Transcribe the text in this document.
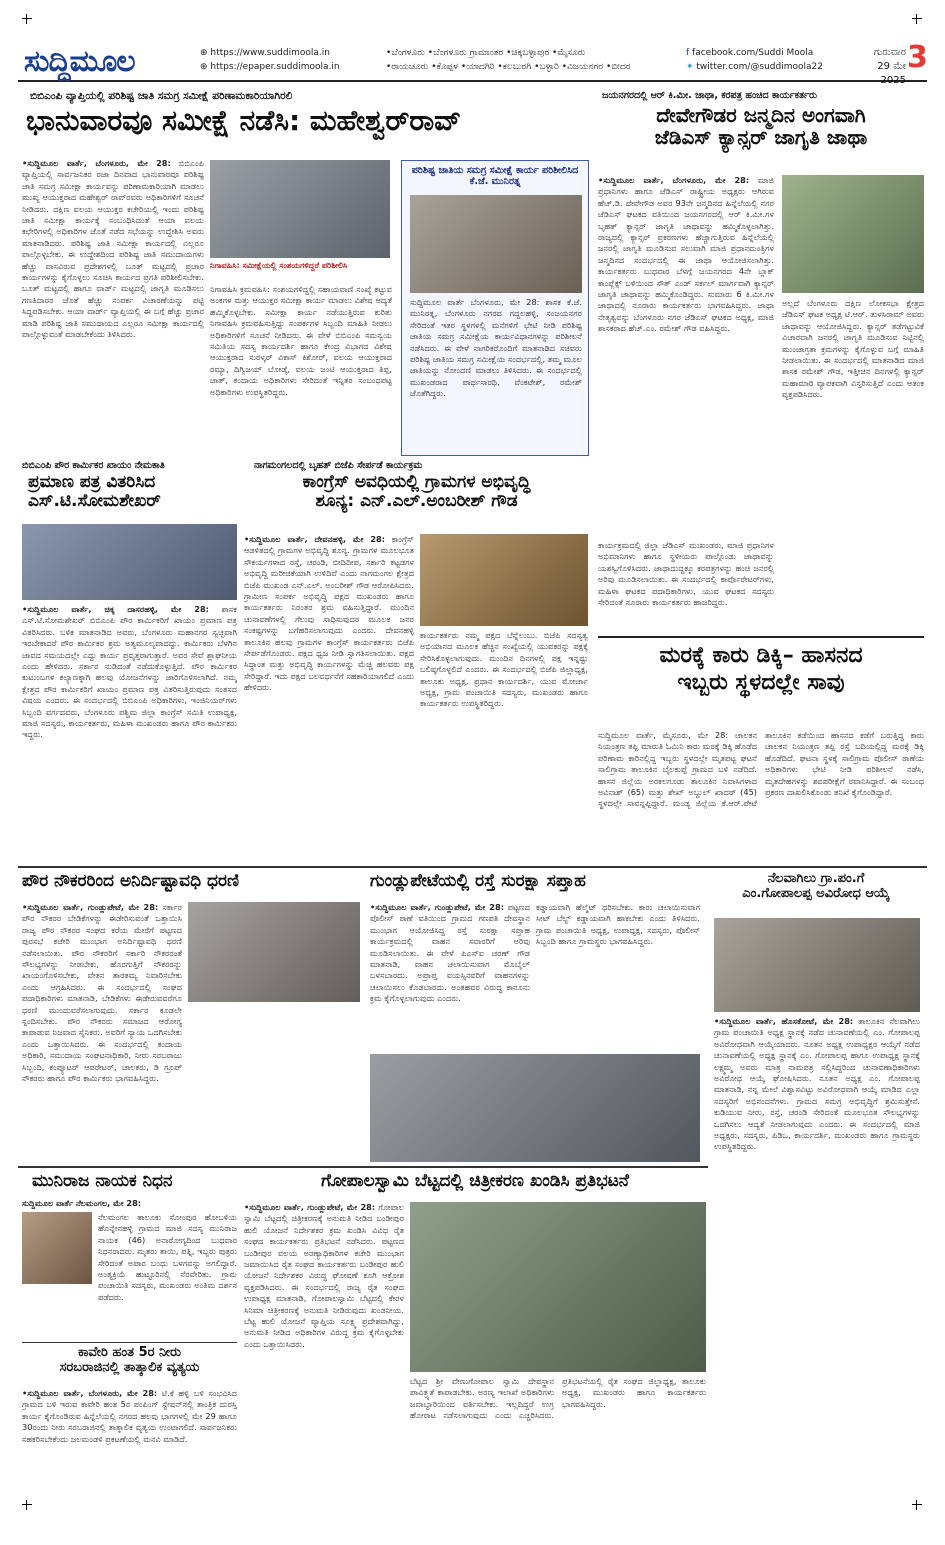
ಸುದ್ದಿಮೂಲ	⊕ https://www.suddimoola.in
⊕ https://epaper.suddimoola.in
•ಬೆಂಗಳೂರು •ಬೆಂಗಳೂರು ಗ್ರಾಮಾಂತರ •ಚಿಕ್ಕಬಳ್ಳಾಪುರ •ಮೈಸೂರು
•ರಾಯಚೂರು •ಕೊಪ್ಪಳ •ಯಾದಗಿರಿ •ಕಲಬುರಗಿ •ಬಳ್ಳಾರಿ •ವಿಜಯನಗರ •ಬೀದರ
f facebook.com/Suddi Moola
✦ twitter.com/@suddimoola22
ಗುರುವಾರ
29 ಮೇ 2025
3
ಬಿಬಿಎಂಪಿ ವ್ಯಾಪ್ತಿಯಲ್ಲಿ ಪರಿಶಿಷ್ಟ ಜಾತಿ ಸಮಗ್ರ ಸಮೀಕ್ಷೆ ಪರಿಣಾಮಕಾರಿಯಾಗಿರಲಿ
ಭಾನುವಾರವೂ ಸಮೀಕ್ಷೆ ನಡೆಸಿ: ಮಹೇಶ್ವರ್‌ರಾವ್
•ಸುದ್ದಿಮೂಲ ವಾರ್ತೆ, ಬೆಂಗಳೂರು, ಮೇ 28: ಬಿಬಿಎಂಪಿ ವ್ಯಾಪ್ತಿಯಲ್ಲಿ ಸಾರ್ವಜನಿಕರ ರಜಾ ದಿನವಾದ ಭಾನುವಾರವೂ ಪರಿಶಿಷ್ಟ ಜಾತಿ ಸಮಗ್ರ ಸಮೀಕ್ಷಾ ಕಾರ್ಯವನ್ನು ಪರಿಣಾಮಕಾರಿಯಾಗಿ ಮಾಡಲು ಮುಖ್ಯ ಆಯುಕ್ತರಾದ ಮಹೇಶ್ವರ್ ರಾವ್‌ರವರು ಅಧಿಕಾರಿಗಳಿಗೆ ಸೂಚನೆ ನೀಡಿದರು. ದಕ್ಷಿಣ ವಲಯ ಆಯುಕ್ತರ ಕಚೇರಿಯಲ್ಲಿ ಇಂದು ಪರಿಶಿಷ್ಟ ಜಾತಿ ಸಮೀಕ್ಷಾ ಕಾರ್ಯಕ್ಕೆ ಸಂಬಂಧಿಸಿದಂತೆ ಆಯಾ ವಲಯ ಕಛೇರಿಗಳಲ್ಲಿ ಅಧಿಕಾರಿಗಳ ಜೊತೆ ನಡೆದ ಸಭೆಯನ್ನು ಉದ್ದೇಶಿಸಿ ಅವರು ಮಾತನಾಡಿದರು. ಪರಿಶಿಷ್ಟ ಜಾತಿ ಸಮೀಕ್ಷಾ ಕಾರ್ಯದಲ್ಲಿ ಎಲ್ಲರೂ ಪಾಲ್ಗೊಳ್ಳಬೇಕು. ಈ ಉದ್ದೇಶದಿಂದ ಪರಿಶಿಷ್ಟ ಜಾತಿ ಸಮುದಾಯಗಳು ಹೆಚ್ಚು ವಾಸವಿರುವ ಪ್ರದೇಶಗಳಲ್ಲಿ ಬೂತ್ ಮಟ್ಟದಲ್ಲಿ ಪ್ರಚಾರ ಕಾರ್ಯಗಳನ್ನು ಕೈಗೊಳ್ಳಲು ಸೂಚಿಸಿ ಕಾರ್ಯದ ಪ್ರಗತಿ ಪರಿಶೀಲಿಸಬೇಕು. ಬೂತ್ ಮಟ್ಟದಲ್ಲಿ ಹಾಗೂ ವಾರ್ಡ್ ಮಟ್ಟದಲ್ಲಿ ಜಾಗೃತಿ ಮೂಡಿಸಲು ಗಣತಿದಾರರ ಜೊತೆ ಹೆಚ್ಚು ಸಂಪರ್ಕ ವಿಚಾರಣೆಯನ್ನು ಪಟ್ಟಿ ಸಿದ್ಧಪಡಿಸಬೇಕು. ಆಯಾ ವಾರ್ಡ್ ವ್ಯಾಪ್ತಿಯಲ್ಲಿ ಈ ಬಗ್ಗೆ ಹೆಚ್ಚು ಪ್ರಚಾರ ಮಾಡಿ ಪರಿಶಿಷ್ಟ ಜಾತಿ ಸಮುದಾಯದ ಎಲ್ಲರೂ ಸಮೀಕ್ಷಾ ಕಾರ್ಯದಲ್ಲಿ ಪಾಲ್ಗೊಳ್ಳುವಂತೆ ಮಾಡಬೇಕೆಂದು ತಿಳಿಸಿದರು.
ನಿಗಾವಹಿಸಿ: ಸಮೀಕ್ಷೆಯಲ್ಲಿ ಸಂಶಯಗಳಿದ್ದರೆ ಪರಿಶೀಲಿಸಿ
ನಿಗಾವಹಿಸಿ ಕ್ರಮವಹಿಸಿ: ಸಂಶಯಗಳಿದ್ದಲ್ಲಿ ಸಹಾಯವಾಣಿ ಸಂಖ್ಯೆ ಕಟ್ಟುವ ಅಂಕಗಳ ಮತ್ತು ಆಯುಕ್ತರ ಸಮೀಕ್ಷಾ ಕಾರ್ಯ ಮಾಡಲು ವಿಶೇಷ ಆದ್ಯತೆ ಹಮ್ಮಿಕೊಳ್ಳಬೇಕು. ಸಮೀಕ್ಷಾ ಕಾರ್ಯ ನಡೆಯುತ್ತಿರುವ ಕುರಿತು ನಿಗಾವಹಿಸಿ ಕ್ರಮವಹಿಸುತ್ತಿದ್ದು ಸಂಪರ್ಕಗಳ ಸಿಬ್ಬಂದಿ ಮಾಹಿತಿ ನೀಡಲು ಅಧಿಕಾರಿಗಳಿಗೆ ಸೂಚನೆ ನೀಡಿದರು. ಈ ವೇಳೆ ಬಿಬಿಎಂಪಿ ಸಮನ್ವಯ ಸಮಿತಿಯ ಸದಸ್ಯ ಕಾರ್ಯದರ್ಶಿ ಹಾಗೂ ಕೇಂದ್ರ ವಿಭಾಗದ ವಿಶೇಷ ಆಯುಕ್ತರಾದ ಸುರಳ್ಕರ್ ವಿಕಾಸ್ ಕಿಶೋರ್, ವಲಯ ಆಯುಕ್ತರಾದ ರಮ್ಯಾ, ದಿಗ್ವಿಜಯ್ ಬೋಡ್ಕೆ, ವಲಯ ಜಂಟಿ ಆಯುಕ್ತರಾದ ತಿಪ್ಪ, ಜಾತ್, ಕಂದಾಯ ಅಧಿಕಾರಿಗಳು ಸೇರಿದಂತೆ ಇನ್ನಿತರ ಸಂಬಂಧಪಟ್ಟ ಅಧಿಕಾರಿಗಳು ಉಪಸ್ಥಿತರಿದ್ದರು.
ಪರಿಶಿಷ್ಟ ಜಾತಿಯ ಸಮಗ್ರ ಸಮೀಕ್ಷೆ ಕಾರ್ಯ ಪರಿಶೀಲಿಸಿದ ಕೆ.ಜೆ. ಮುನಿರತ್ನ
ಸುದ್ದಿಮೂಲ ವಾರ್ತೆ ಬೆಂಗಳೂರು, ಮೇ 28: ಶಾಸಕ ಕೆ.ಜೆ. ಮುನಿರತ್ನ, ಬೆಂಗಳೂರು ನಗರದ ಗದ್ದಲಹಳ್ಳಿ, ಸಂಜಯನಗರ ಸೇರಿದಂತೆ ಇತರ ಸ್ಥಳಗಳಲ್ಲಿ ಮನೆಗಳಿಗೆ ಭೇಟಿ ನೀಡಿ ಪರಿಶಿಷ್ಟ ಜಾತಿಯ ಸಮಗ್ರ ಸಮೀಕ್ಷೆಯ ಕಾರ್ಯವಿಧಾನಗಳನ್ನು ಪರಿಶೀಲನೆ ನಡೆಸಿದರು. ಈ ವೇಳೆ ನಾಗರಿಕರೊಂದಿಗೆ ಮಾತನಾಡಿದ ಸಚಿವರು ಪರಿಶಿಷ್ಟ ಜಾತಿಯ ಸಮಗ್ರ ಸಮೀಕ್ಷೆಯ ಸಂದರ್ಭದಲ್ಲಿ, ತಮ್ಮ ಮೂಲ ಜಾತಿಯನ್ನು ನೋಂದಣಿ ಮಾಡಲು ತಿಳಿಸಿದರು. ಈ ಸಂದರ್ಭದಲ್ಲಿ ಮುಖಂಡರಾದ ಪಾರ್ಥಸಾರಥಿ, ವೆಂಕಟೇಶ್, ರಮೇಶ್ ಜೊತೆಗಿದ್ದರು.
ಜಯನಗರದಲ್ಲಿ ಆರ್ ಕಿ.ಮೀ. ಜಾಥಾ, ಕರಪತ್ರ ಹಂಚಿದ ಕಾರ್ಯಕರ್ತರು
ದೇವೇಗೌಡರ ಜನ್ಮದಿನ ಅಂಗವಾಗಿ
ಜೆಡಿಎಸ್ ಕ್ಯಾನ್ಸರ್ ಜಾಗೃತಿ ಜಾಥಾ
•ಸುದ್ದಿಮೂಲ ವಾರ್ತೆ, ಬೆಂಗಳೂರು, ಮೇ 28: ಮಾಜಿ ಪ್ರಧಾನಿಗಳು ಹಾಗೂ ಜೆಡಿಎಸ್ ರಾಷ್ಟ್ರೀಯ ಅಧ್ಯಕ್ಷರು ಆಗಿರುವ ಹೆಚ್.ಡಿ. ದೇವೇಗೌಡ ಅವರ 93ನೇ ಜನ್ಮದಿನದ ಹಿನ್ನೆಲೆಯಲ್ಲಿ ನಗರ ಜೆಡಿಎಸ್ ಘಟಕದ ವತಿಯಿಂದ ಜಯನಗರದಲ್ಲಿ ಆರ್ ಕಿ.ಮೀ.ಗಳ ಬೃಹತ್ ಕ್ಯಾನ್ಸರ್ ಜಾಗೃತಿ ಜಾಥಾವನ್ನು ಹಮ್ಮಿಕೊಳ್ಳಲಾಗಿತ್ತು. ರಾಜ್ಯದಲ್ಲಿ ಕ್ಯಾನ್ಸರ್ ಪ್ರಕರಣಗಳು ಹೆಚ್ಚಾಗುತ್ತಿರುವ ಹಿನ್ನೆಲೆಯಲ್ಲಿ ಜನರಲ್ಲಿ ಜಾಗೃತಿ ಮೂಡಿಸುವ ಸಲುವಾಗಿ ಮಾಜಿ ಪ್ರಧಾನಮಂತ್ರಿಗಳ ಜನ್ಮದಿನದ ಸಂದರ್ಭದಲ್ಲಿ ಈ ಜಾಥಾ ಆಯೋಜಿಸಲಾಗಿತ್ತು. ಕಾರ್ಯಕರ್ತರು ಬುಧವಾರ ಬೆಳಗ್ಗೆ ಜಯನಗರದ 4ನೇ ಬ್ಲಾಕ್ ಕಾಂಪ್ಲೆಕ್ಸ್ ಬಳಿಯಿಂದ ಸೌತ್ ಎಂಡ್ ಸರ್ಕಲ್ ಮಾರ್ಗವಾಗಿ ಕ್ಯಾನ್ಸರ್ ಜಾಗೃತಿ ಜಾಥಾವನ್ನು ಹಮ್ಮಿಕೊಂಡಿದ್ದರು. ಸುಮಾರು 6 ಕಿ.ಮೀ.ಗಳ ಜಾಥಾದಲ್ಲಿ ನೂರಾರು ಕಾರ್ಯಕರ್ತರು ಭಾಗವಹಿಸಿದ್ದರು. ಜಾಥಾ ನೇತೃತ್ವವನ್ನು ಬೆಂಗಳೂರು ನಗರ ಜೆಡಿಎಸ್ ಘಟಕದ ಅಧ್ಯಕ್ಷ, ಮಾಜಿ ಶಾಸಕರಾದ ಹೆಚ್.ಎಂ. ರಮೇಶ್ ಗೌಡ ವಹಿಸಿದ್ದರು.
ಅಲ್ಲದೆ ಬೆಂಗಳೂರು ದಕ್ಷಿಣ ಲೋಕಸಭಾ ಕ್ಷೇತ್ರದ ಜೆಡಿಎಸ್ ಘಟಕ ಅಧ್ಯಕ್ಷ ಟಿ.ಆರ್. ತುಳಸಿರಾಮ್ ಅವರು ಜಾಥಾವನ್ನು ಆಯೋಜಿಸಿದ್ದರು. ಕ್ಯಾನ್ಸರ್ ತಡೆಗಟ್ಟುವಿಕೆ ವಿಚಾರವಾಗಿ ಜನರಲ್ಲಿ ಜಾಗೃತಿ ಮೂಡಿಸುವ ನಿಟ್ಟಿನಲ್ಲಿ ಮುಂಜಾಗ್ರತಾ ಕ್ರಮಗಳನ್ನು ಕೈಗೊಳ್ಳುವ ಬಗ್ಗೆ ಮಾಹಿತಿ ನೀಡಲಾಯಿತು. ಈ ಸಂದರ್ಭದಲ್ಲಿ ಮಾತನಾಡಿದ ಮಾಜಿ ಶಾಸಕ ರಮೇಶ್ ಗೌಡ, ಇತ್ತೀಚಿನ ದಿನಗಳಲ್ಲಿ ಕ್ಯಾನ್ಸರ್ ಮಹಾಮಾರಿ ವ್ಯಾಪಕವಾಗಿ ವಿಸ್ತರಿಸುತ್ತಿದೆ ಎಂದು ಆತಂಕ ವ್ಯಕ್ತಪಡಿಸಿದರು.
ಕಾರ್ಯಕ್ರಮದಲ್ಲಿ ಜಿಲ್ಲಾ ಜೆಡಿಎಸ್ ಮುಖಂಡರು, ಮಾಜಿ ಪ್ರಧಾನಿಗಳ ಅಭಿಮಾನಿಗಳು ಹಾಗೂ ಸ್ಥಳೀಯರು ಪಾಲ್ಗೊಂಡು ಜಾಥಾವನ್ನು ಯಶಸ್ವಿಗೊಳಿಸಿದರು. ಜಾಥಾದುದ್ದಕ್ಕೂ ಕರಪತ್ರಗಳನ್ನು ಹಂಚಿ ಜನರಲ್ಲಿ ಅರಿವು ಮೂಡಿಸಲಾಯಿತು. ಈ ಸಂದರ್ಭದಲ್ಲಿ ಕಾರ್ಪೊರೇಟರ್‌ಗಳು, ಮಹಿಳಾ ಘಟಕದ ಪದಾಧಿಕಾರಿಗಳು, ಯುವ ಘಟಕದ ಸದಸ್ಯರು ಸೇರಿದಂತೆ ನೂರಾರು ಕಾರ್ಯಕರ್ತರು ಹಾಜರಿದ್ದರು.
ಬಿಬಿಎಂಪಿ ಪೌರ ಕಾರ್ಮಿಕರ ಖಾಯಂ ನೇಮಕಾತಿ
ಪ್ರಮಾಣ ಪತ್ರ ವಿತರಿಸಿದ
ಎಸ್.ಟಿ.ಸೋಮಶೇಖರ್
•ಸುದ್ದಿಮೂಲ ವಾರ್ತೆ, ಚಿಕ್ಕ ದಾಸರಹಳ್ಳಿ, ಮೇ 28: ಶಾಸಕ ಎಸ್.ಟಿ.ಸೋಮಶೇಖರ್ ಬಿಬಿಎಂಪಿ ಪೌರ ಕಾರ್ಮಿಕರಿಗೆ ಖಾಯಂ ಪ್ರಮಾಣ ಪತ್ರ ವಿತರಿಸಿದರು. ಬಳಿಕ ಮಾತನಾಡಿದ ಅವರು, ಬೆಂಗಳೂರು ಮಹಾನಗರ ಸ್ವಚ್ಛವಾಗಿ ಇರಬೇಕಾದರೆ ಪೌರ ಕಾರ್ಮಿಕರ ಶ್ರಮ ಅತ್ಯಮೂಲ್ಯವಾದದ್ದು. ಕಾರ್ಮಿಕರು ಬೆಳಗಿನ ಜಾವದ ಸಮಯದಲ್ಲೇ ಎದ್ದು ಕಾರ್ಯ ಪ್ರವೃತ್ತರಾಗುತ್ತಾರೆ. ಅವರ ಸೇವೆ ಶ್ಲಾಘನೀಯ ಎಂದು ಹೇಳಿದರು. ಸರ್ಕಾರ ನುಡಿದಂತೆ ನಡೆದುಕೊಳ್ಳುತ್ತಿದೆ. ಪೌರ ಕಾರ್ಮಿಕರ ಕುಟುಂಬಗಳ ಕಲ್ಯಾಣಕ್ಕಾಗಿ ಹಲವು ಯೋಜನೆಗಳನ್ನು ಜಾರಿಗೊಳಿಸಲಾಗಿದೆ. ನಮ್ಮ ಕ್ಷೇತ್ರದ ಪೌರ ಕಾರ್ಮಿಕರಿಗೆ ಖಾಯಂ ಪ್ರಮಾಣ ಪತ್ರ ವಿತರಿಸುತ್ತಿರುವುದು ಸಂತಸದ ವಿಷಯ ಎಂದರು. ಈ ಸಂದರ್ಭದಲ್ಲಿ ಬಿಬಿಎಂಪಿ ಅಧಿಕಾರಿಗಳು, ಇಂಜಿನಿಯರ್‌ಗಳು ಸಿಬ್ಬಂದಿ ವರ್ಗದವರು, ಬೆಂಗಳೂರು ಪಶ್ಚಿಮ ಜಿಲ್ಲಾ ಕಾಂಗ್ರೆಸ್ ಸಮಿತಿ ಉಪಾಧ್ಯಕ್ಷ, ಮಾಜಿ ಸದಸ್ಯರು, ಕಾರ್ಯಕರ್ತರು, ಮಹಿಳಾ ಮುಖಂಡರು ಹಾಗೂ ಪೌರ ಕಾರ್ಮಿಕರು ಇದ್ದರು.
ನಾಗಮಂಗಲದಲ್ಲಿ ಬೃಹತ್ ಬಿಜೆಪಿ ಸೇರ್ಪಡೆ ಕಾರ್ಯಕ್ರಮ
ಕಾಂಗ್ರೆಸ್ ಅವಧಿಯಲ್ಲಿ ಗ್ರಾಮಗಳ ಅಭಿವೃದ್ಧಿ
ಶೂನ್ಯ: ಎನ್.ಎಲ್.ಅಂಬರೀಶ್ ಗೌಡ
•ಸುದ್ದಿಮೂಲ ವಾರ್ತೆ, ದೇವನಹಳ್ಳಿ, ಮೇ 28: ಕಾಂಗ್ರೆಸ್ ಆಡಳಿತದಲ್ಲಿ ಗ್ರಾಮಗಳ ಅಭಿವೃದ್ಧಿ ಶೂನ್ಯ. ಗ್ರಾಮಗಳ ಮೂಲಭೂತ ಸೌಕರ್ಯಗಳಾದ ರಸ್ತೆ, ಚರಂಡಿ, ಬೀದಿದೀಪ, ಸರ್ಕಾರಿ ಕಟ್ಟಡಗಳ ಅಭಿವೃದ್ಧಿ ಮರೀಚಿಕೆಯಾಗಿ ಉಳಿದಿವೆ ಎಂದು ನಾಗಮಂಗಲ ಕ್ಷೇತ್ರದ ಬಿಜೆಪಿ ಮುಖಂಡ ಎನ್.ಎಲ್. ಅಂಬರೀಶ್ ಗೌಡ ಆರೋಪಿಸಿದರು. ಗ್ರಾಮೀಣ ಸಂಪರ್ಕ ಅಭಿವೃದ್ಧಿ ಪಕ್ಷದ ಮುಖಂಡರು ಹಾಗೂ ಕಾರ್ಯಕರ್ತರು ನಿರಂತರ ಶ್ರಮ ವಹಿಸುತ್ತಿದ್ದಾರೆ. ಮುಂದಿನ ಚುನಾವಣೆಗಳಲ್ಲಿ ಗೆಲುವು ಸಾಧಿಸುವುದರ ಮೂಲಕ ಜನರ ಸಂಕಷ್ಟಗಳನ್ನು ಬಗೆಹರಿಸಲಾಗುವುದು ಎಂದರು. ದೇವನಹಳ್ಳಿ ತಾಲೂಕಿನ ಹಲವು ಗ್ರಾಮಗಳ ಕಾಂಗ್ರೆಸ್ ಕಾರ್ಯಕರ್ತರು ಬಿಜೆಪಿ ಸೇರ್ಪಡೆಗೊಂಡರು. ಪಕ್ಷದ ಧ್ವಜ ನೀಡಿ ಸ್ವಾಗತಿಸಲಾಯಿತು. ಪಕ್ಷದ ಸಿದ್ಧಾಂತ ಮತ್ತು ಅಭಿವೃದ್ಧಿ ಕಾರ್ಯಗಳನ್ನು ಮೆಚ್ಚಿ ಹಲವರು ಪಕ್ಷ ಸೇರಿದ್ದಾರೆ. ಇದು ಪಕ್ಷದ ಬಲವರ್ಧನೆಗೆ ಸಹಕಾರಿಯಾಗಲಿದೆ ಎಂದು ಹೇಳಿದರು.
ಕಾರ್ಯಕರ್ತರು ನಮ್ಮ ಪಕ್ಷದ ಬೆನ್ನೆಲುಬು. ಬಿಜೆಪಿ ಸದಸ್ಯತ್ವ ಅಭಿಯಾನದ ಮೂಲಕ ಹೆಚ್ಚಿನ ಸಂಖ್ಯೆಯಲ್ಲಿ ಯುವಕರನ್ನು ಪಕ್ಷಕ್ಕೆ ಸೇರಿಸಿಕೊಳ್ಳಲಾಗುವುದು. ಮುಂದಿನ ದಿನಗಳಲ್ಲಿ ಪಕ್ಷ ಇನ್ನಷ್ಟು ಬಲಿಷ್ಠಗೊಳ್ಳಲಿದೆ ಎಂದರು. ಈ ಸಂದರ್ಭದಲ್ಲಿ ಬಿಜೆಪಿ ಜಿಲ್ಲಾಧ್ಯಕ್ಷ, ತಾಲೂಕು ಅಧ್ಯಕ್ಷ, ಪ್ರಧಾನ ಕಾರ್ಯದರ್ಶಿ, ಯುವ ಮೋರ್ಚಾ ಅಧ್ಯಕ್ಷ, ಗ್ರಾಮ ಪಂಚಾಯಿತಿ ಸದಸ್ಯರು, ಮುಖಂಡರು ಹಾಗೂ ಕಾರ್ಯಕರ್ತರು ಉಪಸ್ಥಿತರಿದ್ದರು.
ಮರಕ್ಕೆ ಕಾರು ಡಿಕ್ಕಿ– ಹಾಸನದ
ಇಬ್ಬರು ಸ್ಥಳದಲ್ಲೇ ಸಾವು
ಸುದ್ದಿಮೂಲ ವಾರ್ತೆ, ಮೈಸೂರು, ಮೇ 28: ಚಾಲಕನ ನಿಯಂತ್ರಣ ತಪ್ಪಿ ಮಾರುತಿ ಓಮಿನಿ ಕಾರು ಮರಕ್ಕೆ ಡಿಕ್ಕಿ ಹೊಡೆದ ಪರಿಣಾಮ ಕಾರಿನಲ್ಲಿದ್ದ ಇಬ್ಬರು ಸ್ಥಳದಲ್ಲೇ ಮೃತಪಟ್ಟ ಘಟನೆ ಸಾಲಿಗ್ರಾಮ ತಾಲೂಕಿನ ಬೈಲಕುಪ್ಪೆ ಗ್ರಾಮದ ಬಳಿ ನಡೆದಿದೆ. ಹಾಸನ ಜಿಲ್ಲೆಯ ಅರಕಲಗೂಡು ತಾಲೂಕಿನ ನಿವಾಸಿಗಳಾದ ಅವಿನಾಶ್ (65) ಮತ್ತು ಶೇಖ್ ಅಬ್ದುಲ್ ಖಾದರ್ (45) ಸ್ಥಳದಲ್ಲೇ ಸಾವನ್ನಪ್ಪಿದ್ದಾರೆ. ಮಂಡ್ಯ ಜಿಲ್ಲೆಯ ಕೆ.ಆರ್.ಪೇಟೆ ತಾಲೂಕಿನ ಕಡೆಯಿಂದ ಹಾಸನದ ಕಡೆಗೆ ಬರುತ್ತಿದ್ದ ಕಾರು ಚಾಲಕನ ನಿಯಂತ್ರಣ ತಪ್ಪಿ ರಸ್ತೆ ಬದಿಯಲ್ಲಿದ್ದ ಮರಕ್ಕೆ ಡಿಕ್ಕಿ ಹೊಡೆದಿದೆ. ಘಟನಾ ಸ್ಥಳಕ್ಕೆ ಸಾಲಿಗ್ರಾಮ ಪೊಲೀಸ್ ಠಾಣೆಯ ಅಧಿಕಾರಿಗಳು ಭೇಟಿ ನೀಡಿ ಪರಿಶೀಲನೆ ನಡೆಸಿ, ಮೃತದೇಹಗಳನ್ನು ಶವಪರೀಕ್ಷೆಗೆ ರವಾನಿಸಿದ್ದಾರೆ. ಈ ಸಂಬಂಧ ಪ್ರಕರಣ ದಾಖಲಿಸಿಕೊಂಡು ತನಿಖೆ ಕೈಗೊಂಡಿದ್ದಾರೆ.
ಪೌರ ನೌಕರರಿಂದ ಅನಿರ್ದಿಷ್ಟಾವಧಿ ಧರಣಿ
•ಸುದ್ದಿಮೂಲ ವಾರ್ತೆ, ಗುಂಡ್ಲುಪೇಟೆ, ಮೇ 28: ಸರ್ಕಾರ ಪೌರ ನೌಕರರ ಬೇಡಿಕೆಗಳನ್ನು ಈಡೇರಿಸುವಂತೆ ಒತ್ತಾಯಿಸಿ ರಾಜ್ಯ ಪೌರ ನೌಕರರ ಸಂಘದ ಕರೆಯ ಮೇರೆಗೆ ಪಟ್ಟಣದ ಪುರಸಭೆ ಕಚೇರಿ ಮುಂಭಾಗ ಅನಿರ್ದಿಷ್ಟಾವಧಿ ಧರಣಿ ನಡೆಸಲಾಯಿತು. ಪೌರ ನೌಕರರಿಗೆ ಸರ್ಕಾರಿ ನೌಕರರಂತೆ ಸೌಲಭ್ಯಗಳನ್ನು ನೀಡಬೇಕು, ಹೊರಗುತ್ತಿಗೆ ನೌಕರರನ್ನು ಖಾಯಂಗೊಳಿಸಬೇಕು, ವೇತನ ತಾರತಮ್ಯ ನಿವಾರಿಸಬೇಕು ಎಂದು ಆಗ್ರಹಿಸಿದರು. ಈ ಸಂದರ್ಭದಲ್ಲಿ ಸಂಘದ ಪದಾಧಿಕಾರಿಗಳು ಮಾತನಾಡಿ, ಬೇಡಿಕೆಗಳು ಈಡೇರುವವರೆಗೂ ಧರಣಿ ಮುಂದುವರೆಸಲಾಗುವುದು. ಸರ್ಕಾರ ಕೂಡಲೇ ಸ್ಪಂದಿಸಬೇಕು. ಪೌರ ನೌಕರರು ಸಮಾಜದ ಆರೋಗ್ಯ ಕಾಪಾಡುವ ನಿಜವಾದ ಸೈನಿಕರು. ಅವರಿಗೆ ನ್ಯಾಯ ಒದಗಿಸಬೇಕು ಎಂದು ಒತ್ತಾಯಿಸಿದರು. ಈ ಸಂದರ್ಭದಲ್ಲಿ ಕಂದಾಯ ಅಧಿಕಾರಿ, ಸಮುದಾಯ ಸಂಘಟನಾಧಿಕಾರಿ, ನೀರು ಸರಬರಾಜು ಸಿಬ್ಬಂದಿ, ಕಂಪ್ಯೂಟರ್ ಆಪರೇಟರ್, ಚಾಲಕರು, ಡಿ ಗ್ರೂಪ್ ನೌಕರರು ಹಾಗೂ ಪೌರ ಕಾರ್ಮಿಕರು ಭಾಗವಹಿಸಿದ್ದರು.
ಗುಂಡ್ಲುಪೇಟೆಯಲ್ಲಿ ರಸ್ತೆ ಸುರಕ್ಷಾ ಸಪ್ತಾಹ
•ಸುದ್ದಿಮೂಲ ವಾರ್ತೆ, ಗುಂಡ್ಲುಪೇಟೆ, ಮೇ 28: ಪಟ್ಟಣದ ಪೊಲೀಸ್ ಠಾಣೆ ವತಿಯಿಂದ ಗ್ರಾಮದ ಗಣಪತಿ ದೇವಸ್ಥಾನ ಮುಂಭಾಗ ಆಯೋಜಿಸಿದ್ದ ರಸ್ತೆ ಸುರಕ್ಷಾ ಸಪ್ತಾಹ ಕಾರ್ಯಕ್ರಮದಲ್ಲಿ ವಾಹನ ಸವಾರರಿಗೆ ಅರಿವು ಮೂಡಿಸಲಾಯಿತು. ಈ ವೇಳೆ ಪಿಎಸ್‌ಐ ಚರಣ್ ಗೌಡ ಮಾತನಾಡಿ, ವಾಹನ ಚಲಾಯಿಸುವಾಗ ಮೊಬೈಲ್ ಬಳಸಬಾರದು. ಅಪ್ರಾಪ್ತ ವಯಸ್ಸಿನವರಿಗೆ ವಾಹನಗಳನ್ನು ಚಲಾಯಿಸಲು ಕೊಡಬಾರದು. ಅಂತಹವರ ವಿರುದ್ಧ ಕಾನೂನು ಕ್ರಮ ಕೈಗೊಳ್ಳಲಾಗುವುದು ಎಂದರು.
ಕಡ್ಡಾಯವಾಗಿ ಹೆಲ್ಮೆಟ್ ಧರಿಸಬೇಕು. ಕಾರು ಚಲಾಯಿಸುವಾಗ ಸೀಟ್ ಬೆಲ್ಟ್ ಕಡ್ಡಾಯವಾಗಿ ಹಾಕಬೇಕು ಎಂದು ತಿಳಿಸಿದರು. ಗ್ರಾಮ ಪಂಚಾಯಿತಿ ಅಧ್ಯಕ್ಷ, ಉಪಾಧ್ಯಕ್ಷ, ಸದಸ್ಯರು, ಪೊಲೀಸ್ ಸಿಬ್ಬಂದಿ ಹಾಗೂ ಗ್ರಾಮಸ್ಥರು ಭಾಗವಹಿಸಿದ್ದರು.
ನೆಲವಾಗಿಲು ಗ್ರಾ.ಪಂ.ಗೆ
ಎಂ.ಗೋಪಾಲಪ್ಪ ಅವಿರೋಧ ಆಯ್ಕೆ
•ಸುದ್ದಿಮೂಲ ವಾರ್ತೆ, ಹೊಸಕೋಟೆ, ಮೇ 28: ತಾಲೂಕಿನ ನೆಲವಾಗಿಲು ಗ್ರಾಮ ಪಂಚಾಯಿತಿ ಅಧ್ಯಕ್ಷ ಸ್ಥಾನಕ್ಕೆ ನಡೆದ ಚುನಾವಣೆಯಲ್ಲಿ ಎಂ. ಗೋಪಾಲಪ್ಪ ಅವಿರೋಧವಾಗಿ ಆಯ್ಕೆಯಾದರು. ನೂತನ ಅಧ್ಯಕ್ಷ ಉಪಾಧ್ಯಕ್ಷರ ಆಯ್ಕೆಗೆ ನಡೆದ ಚುನಾವಣೆಯಲ್ಲಿ ಅಧ್ಯಕ್ಷ ಸ್ಥಾನಕ್ಕೆ ಎಂ. ಗೋಪಾಲಪ್ಪ ಹಾಗೂ ಉಪಾಧ್ಯಕ್ಷ ಸ್ಥಾನಕ್ಕೆ ಲಕ್ಷ್ಮಮ್ಮ ಅವರು ಮಾತ್ರ ನಾಮಪತ್ರ ಸಲ್ಲಿಸಿದ್ದರಿಂದ ಚುನಾವಣಾಧಿಕಾರಿಗಳು ಅವಿರೋಧ ಆಯ್ಕೆ ಘೋಷಿಸಿದರು. ನೂತನ ಅಧ್ಯಕ್ಷ ಎಂ. ಗೋಪಾಲಪ್ಪ ಮಾತನಾಡಿ, ನನ್ನ ಮೇಲೆ ವಿಶ್ವಾಸವಿಟ್ಟು ಅವಿರೋಧವಾಗಿ ಆಯ್ಕೆ ಮಾಡಿದ ಎಲ್ಲಾ ಸದಸ್ಯರಿಗೆ ಅಭಿನಂದನೆಗಳು. ಗ್ರಾಮದ ಸಮಗ್ರ ಅಭಿವೃದ್ಧಿಗೆ ಶ್ರಮಿಸುತ್ತೇನೆ. ಕುಡಿಯುವ ನೀರು, ರಸ್ತೆ, ಚರಂಡಿ ಸೇರಿದಂತೆ ಮೂಲಭೂತ ಸೌಲಭ್ಯಗಳನ್ನು ಒದಗಿಸಲು ಆದ್ಯತೆ ನೀಡಲಾಗುವುದು ಎಂದರು. ಈ ಸಂದರ್ಭದಲ್ಲಿ ಮಾಜಿ ಅಧ್ಯಕ್ಷರು, ಸದಸ್ಯರು, ಪಿಡಿಒ, ಕಾರ್ಯದರ್ಶಿ, ಮುಖಂಡರು ಹಾಗೂ ಗ್ರಾಮಸ್ಥರು ಉಪಸ್ಥಿತರಿದ್ದರು.
ಮುನಿರಾಜ ನಾಯಕ ನಿಧನ
ಸುದ್ದಿಮೂಲ ವಾರ್ತೆ ನೆಲಮಂಗಲ, ಮೇ 28:
ನೆಲಮಂಗಲ ತಾಲೂಕು ಸೋಂಪುರ ಹೋಬಳಿಯ ಹೊನ್ನೇನಹಳ್ಳಿ ಗ್ರಾಮದ ಮಾಜಿ ಸದಸ್ಯ ಮುನಿರಾಜ ನಾಯಕ (46) ಅನಾರೋಗ್ಯದಿಂದ ಬುಧವಾರ ನಿಧನರಾದರು. ಮೃತರು ತಾಯಿ, ಪತ್ನಿ, ಇಬ್ಬರು ಪುತ್ರರು ಸೇರಿದಂತೆ ಅಪಾರ ಬಂಧು ಬಳಗವನ್ನು ಅಗಲಿದ್ದಾರೆ. ಅಂತ್ಯಕ್ರಿಯೆ ಹುಟ್ಟೂರಿನಲ್ಲಿ ನೆರವೇರಿತು. ಗ್ರಾಮ ಪಂಚಾಯಿತಿ ಸದಸ್ಯರು, ಮುಖಂಡರು ಅಂತಿಮ ದರ್ಶನ ಪಡೆದರು.
ಕಾವೇರಿ ಹಂತ 5ರ ನೀರು
ಸರಬರಾಜಿನಲ್ಲಿ ತಾತ್ಕಾಲಿಕ ವ್ಯತ್ಯಯ
•ಸುದ್ದಿಮೂಲ ವಾರ್ತೆ, ಬೆಂಗಳೂರು, ಮೇ 28: ಟಿ.ಕೆ ಹಳ್ಳಿ ಬಳಿ ಸಂಭವಿಸಿದ ಗ್ರಾಮದ ಬಳಿ ಇರುವ ಕಾವೇರಿ ಹಂತ 5ರ ಪಂಪಿಂಗ್ ಸ್ಟೇಷನ್‌ನಲ್ಲಿ ತಾಂತ್ರಿಕ ದುರಸ್ತಿ ಕಾರ್ಯ ಕೈಗೊಂಡಿರುವ ಹಿನ್ನೆಲೆಯಲ್ಲಿ ನಗರದ ಹಲವು ಭಾಗಗಳಲ್ಲಿ ಮೇ 29 ಹಾಗೂ 30ರಂದು ನೀರು ಸರಬರಾಜಿನಲ್ಲಿ ತಾತ್ಕಾಲಿಕ ವ್ಯತ್ಯಯ ಉಂಟಾಗಲಿದೆ. ಸಾರ್ವಜನಿಕರು ಸಹಕರಿಸಬೇಕೆಂದು ಜಲಮಂಡಳಿ ಪ್ರಕಟಣೆಯಲ್ಲಿ ಮನವಿ ಮಾಡಿದೆ.
ಗೋಪಾಲಸ್ವಾಮಿ ಬೆಟ್ಟದಲ್ಲಿ ಚಿತ್ರೀಕರಣ ಖಂಡಿಸಿ ಪ್ರತಿಭಟನೆ
•ಸುದ್ದಿಮೂಲ ವಾರ್ತೆ, ಗುಂಡ್ಲುಪೇಟೆ, ಮೇ 28: ಗೋಪಾಲ ಸ್ವಾಮಿ ಬೆಟ್ಟದಲ್ಲಿ ಚಿತ್ರೀಕರಣಕ್ಕೆ ಅನುಮತಿ ನೀಡಿದ ಬಂಡೀಪುರ ಹುಲಿ ಯೋಜನೆ ನಿರ್ದೇಶಕರ ಕ್ರಮ ಖಂಡಿಸಿ ವಿವಿಧ ರೈತ ಸಂಘದ ಕಾರ್ಯಕರ್ತರು ಪ್ರತಿಭಟನೆ ನಡೆಸಿದರು. ಪಟ್ಟಣದ ಬಂಡೀಪುರ ವಲಯ ಅರಣ್ಯಾಧಿಕಾರಿಗಳ ಕಚೇರಿ ಮುಂಭಾಗ ಜಮಾಯಿಸಿದ ರೈತ ಸಂಘದ ಕಾರ್ಯಕರ್ತರು ಬಂಡೀಪುರ ಹುಲಿ ಯೋಜನೆ ನಿರ್ದೇಶಕರ ವಿರುದ್ಧ ಘೋಷಣೆ ಕೂಗಿ ಆಕ್ರೋಶ ವ್ಯಕ್ತಪಡಿಸಿದರು. ಈ ಸಂದರ್ಭದಲ್ಲಿ ರಾಜ್ಯ ರೈತ ಸಂಘದ ಉಪಾಧ್ಯಕ್ಷ ಮಾತನಾಡಿ, ಗೋಪಾಲಸ್ವಾಮಿ ಬೆಟ್ಟದಲ್ಲಿ ಕೇರಳ ಸಿನಿಮಾ ಚಿತ್ರೀಕರಣಕ್ಕೆ ಅನುಮತಿ ನೀಡಿರುವುದು ಖಂಡನೀಯ. ಬೆಟ್ಟ ಹುಲಿ ಯೋಜನೆ ವ್ಯಾಪ್ತಿಯ ಸೂಕ್ಷ್ಮ ಪ್ರದೇಶವಾಗಿದ್ದು, ಅನುಮತಿ ನೀಡಿದ ಅಧಿಕಾರಿಗಳ ವಿರುದ್ಧ ಕ್ರಮ ಕೈಗೊಳ್ಳಬೇಕು ಎಂದು ಒತ್ತಾಯಿಸಿದರು.
ಬೆಟ್ಟದ ಶ್ರೀ ವೇಣುಗೋಪಾಲ ಸ್ವಾಮಿ ದೇವಸ್ಥಾನ ಪಾವಿತ್ರ್ಯತೆ ಕಾಪಾಡಬೇಕು. ಅರಣ್ಯ ಇಲಾಖೆ ಅಧಿಕಾರಿಗಳು ಜವಾಬ್ದಾರಿಯಿಂದ ವರ್ತಿಸಬೇಕು. ಇಲ್ಲದಿದ್ದರೆ ಉಗ್ರ ಹೋರಾಟ ನಡೆಸಲಾಗುವುದು ಎಂದು ಎಚ್ಚರಿಸಿದರು. ಪ್ರತಿಭಟನೆಯಲ್ಲಿ ರೈತ ಸಂಘದ ಜಿಲ್ಲಾಧ್ಯಕ್ಷ, ತಾಲೂಕು ಅಧ್ಯಕ್ಷ, ಮುಖಂಡರು ಹಾಗೂ ಕಾರ್ಯಕರ್ತರು ಭಾಗವಹಿಸಿದ್ದರು.
